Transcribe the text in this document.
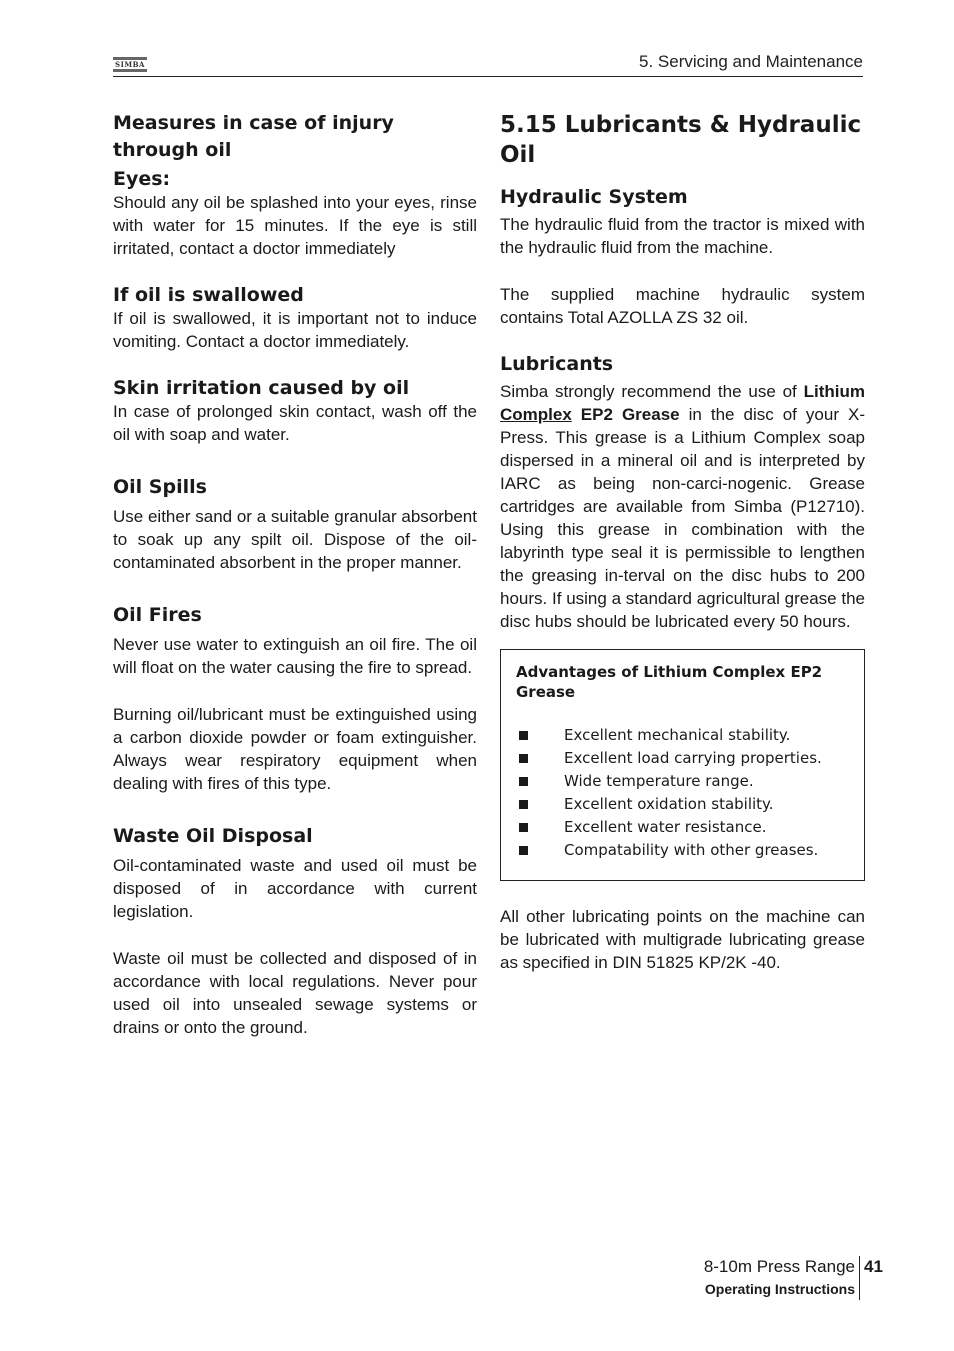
SIMBA	5. Servicing and Maintenance
Measures in case of injury through oil
Eyes:

Should any oil be splashed into your eyes, rinse with water for 15 minutes. If the eye is still irritated, contact a doctor immediately

If oil is swallowed

If oil is swallowed, it is important not to induce vomiting. Contact a doctor immediately.

Skin irritation caused by oil

In case of prolonged skin contact, wash off the oil with soap and water.

Oil Spills

Use either sand or a suitable granular absorbent to soak up any spilt oil. Dispose of the oil-contaminated absorbent in the proper manner.

Oil Fires

Never use water to extinguish an oil fire. The oil will float on the water causing the fire to spread.

Burning oil/lubricant must be extinguished using a carbon dioxide powder or foam extinguisher. Always wear respiratory equipment when dealing with fires of this type.

Waste Oil Disposal

Oil-contaminated waste and used oil must be disposed of in accordance with current legislation.

Waste oil must be collected and disposed of in accordance with local regulations. Never pour used oil into unsealed sewage systems or drains or onto the ground.

5.15 Lubricants & Hydraulic Oil
Hydraulic System

The hydraulic fluid from the tractor is mixed with the hydraulic fluid from the machine.

The supplied machine hydraulic system contains Total AZOLLA ZS 32 oil.

Lubricants

Simba strongly recommend the use of Lithium Complex EP2 Grease in the disc of your X-Press. This grease is a Lithium Complex soap dispersed in a mineral oil and is interpreted by IARC as being non-carci-nogenic. Grease cartridges are available from Simba (P12710). Using this grease in combination with the labyrinth type seal it is permissible to lengthen the greasing in-terval on the disc hubs to 200 hours. If using a standard agricultural grease the disc hubs should be lubricated every 50 hours.

Advantages of Lithium Complex EP2 Grease
Excellent mechanical stability.
Excellent load carrying properties.
Wide temperature range.
Excellent oxidation stability.
Excellent water resistance.
Compatability with other greases.

All other lubricating points on the machine can be lubricated with multigrade lubricating grease as specified in DIN 51825 KP/2K -40.

8-10m Press Range
Operating Instructions
41
